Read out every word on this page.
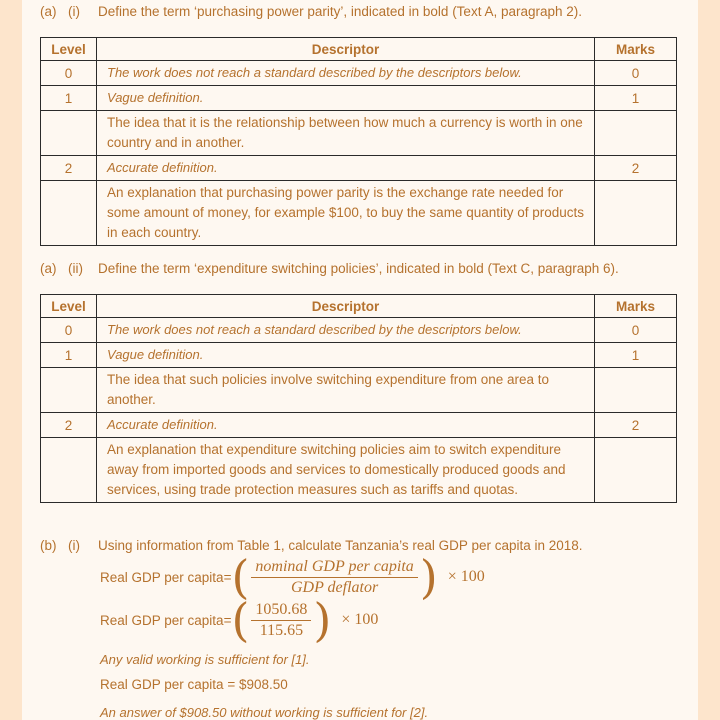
(a) (i) Define the term ‘purchasing power parity’, indicated in bold (Text A, paragraph 2).
Level	Descriptor	Marks
0	The work does not reach a standard described by the descriptors below.	0
1	Vague definition.	1
	The idea that it is the relationship between how much a currency is worth in one country and in another.	
2	Accurate definition.	2
	An explanation that purchasing power parity is the exchange rate needed for some amount of money, for example $100, to buy the same quantity of products in each country.	
(a) (ii) Define the term ‘expenditure switching policies’, indicated in bold (Text C, paragraph 6).
Level	Descriptor	Marks
0	The work does not reach a standard described by the descriptors below.	0
1	Vague definition.	1
	The idea that such policies involve switching expenditure from one area to another.	
2	Accurate definition.	2
	An explanation that expenditure switching policies aim to switch expenditure away from imported goods and services to domestically produced goods and services, using trade protection measures such as tariffs and quotas.	
(b) (i) Using information from Table 1, calculate Tanzania’s real GDP per capita in 2018.
Real GDP per capita= ( $\frac{\text{nominal GDP per capita}}{\text{GDP deflator}}$ ) × 100
Real GDP per capita= ( $\frac{1050.68}{115.65}$ ) × 100
Any valid working is sufficient for [1].
Real GDP per capita = $908.50
An answer of $908.50 without working is sufficient for [2].
